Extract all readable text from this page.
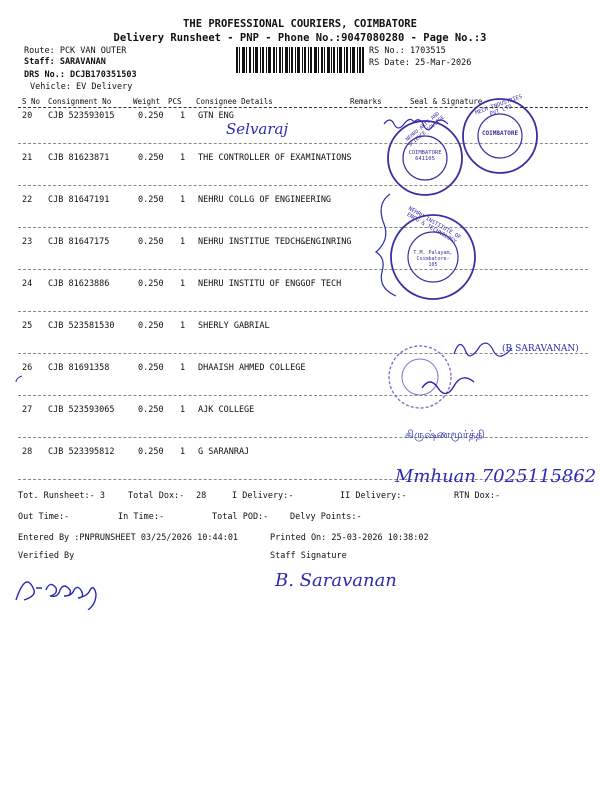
THE PROFESSIONAL COURIERS, COIMBATORE
Delivery Runsheet - PNP - Phone No.:9047080280 - Page No.:3
Route: PCK VAN OUTER
Staff: SARAVANAN
DRS No.: DCJB170351503
Vehicle: EV Delivery
RS No.: 1703515
RS Date: 25-Mar-2026
S No Consignment No	Weight PCS Consignee Details	Remarks	Seal & Signature
20 CJB 523593015	0.250 1 GTN ENG
21 CJB 81623871	0.250 1 THE CONTROLLER OF EXAMINATIONS
22 CJB 81647191	0.250 1 NEHRU COLLG OF ENGINEERING
23 CJB 81647175	0.250 1 NEHRU INSTITUE TEDCH&ENGINRING
24 CJB 81623886	0.250 1 NEHRU INSTITU OF ENGGOF TECH
25 CJB 523581530	0.250 1 SHERLY GABRIAL
26 CJB 81691358	0.250 1 DHAAISH AHMED COLLEGE
27 CJB 523593065	0.250 1 AJK COLLEGE
28 CJB 523395812	0.250 1 G SARANRAJ
Selvaraj	NEHRU ARTS AND SCIENCE COLLEGE
COIMBATORE 641105
MECH INDUSTRIES PVT LTD
COIMBATORE
NEHRU INSTITUTE OF ENGG & TECHNOLOGY
T.M. Palayam, Coimbatore-105
(R SARAVANAN)
கிருஷ்ணமூர்த்தி
Mmhuan 7025115862
Tot. Runsheet:- 3	Total Dox:- 28	I Delivery:-	II Delivery:-	RTN Dox:-
Out Time:-	In Time:-	Total POD:-	Delvy Points:-
Entered By :PNPRUNSHEET 03/25/2026 10:44:01	Printed On: 25-03-2026 10:38:02
Verified By	Staff Signature
B. Saravanan
